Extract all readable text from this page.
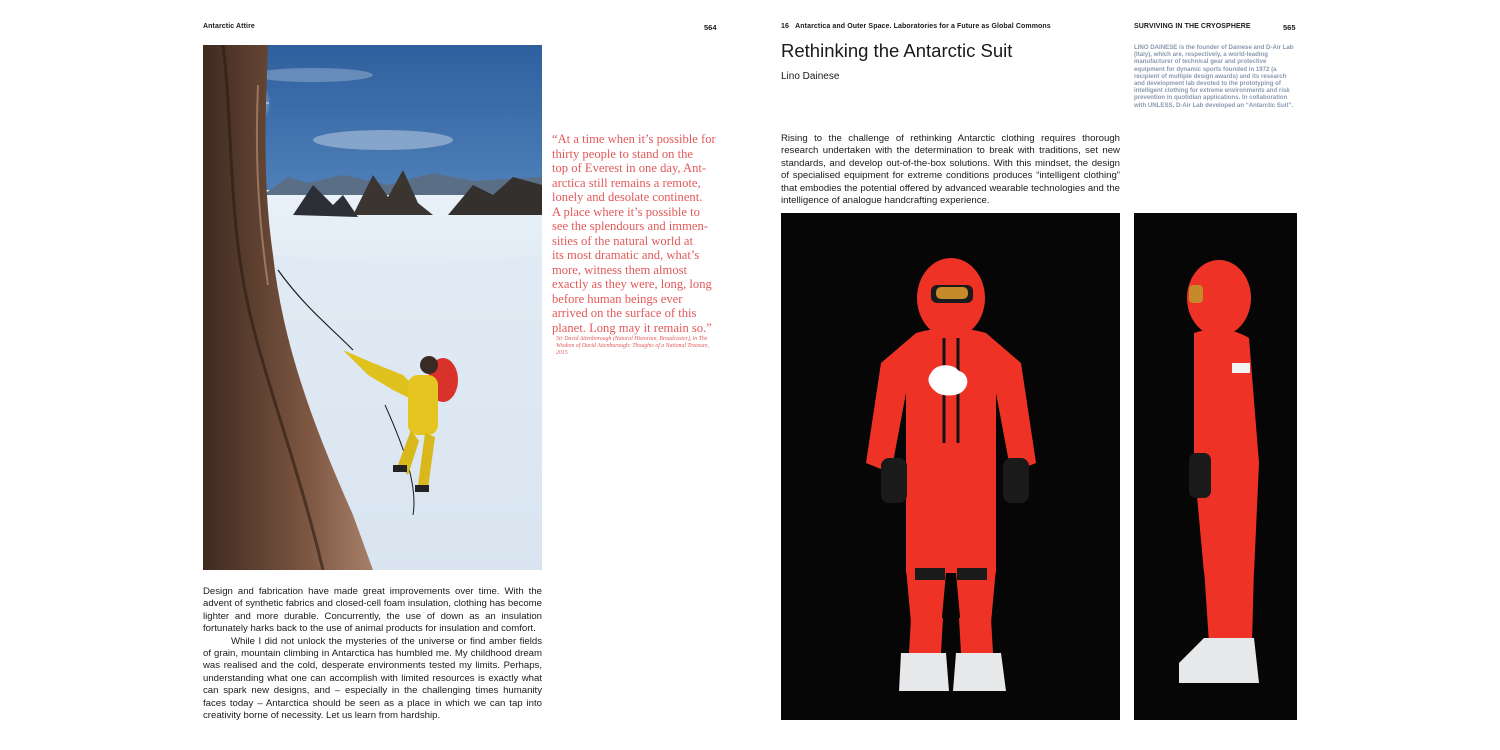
Antarctic Attire	564
“At a time when it’s possible for
thirty people to stand on the
top of Everest in one day, Ant-
arctica still remains a remote,
lonely and desolate continent.
A place where it’s possible to
see the splendours and immen-
sities of the natural world at
its most dramatic and, what’s
more, witness them almost
exactly as they were, long, long
before human beings ever
arrived on the surface of this
planet. Long may it remain so.”
Sir David Attenborough (Natural Historian, Broadcaster), in The Wisdom of David Attenborough: Thoughts of a National Treasure, 2015

Design and fabrication have made great improvements over time. With the advent of synthetic fabrics and closed-cell foam insulation, clothing has become lighter and more durable. Concurrently, the use of down as an insulation fortunately harks back to the use of animal products for insulation and comfort.

While I did not unlock the mysteries of the universe or find amber fields of grain, mountain climbing in Antarctica has humbled me. My childhood dream was realised and the cold, desperate environments tested my limits. Perhaps, understanding what one can accomplish with limited resources is exactly what can spark new designs, and – especially in the challenging times humanity faces today – Antarctica should be seen as a place in which we can tap into creativity borne of necessity. Let us learn from hardship.

16 Antarctica and Outer Space. Laboratories for a Future as Global Commons	SURVIVING IN THE CRYOSPHERE	565
Rethinking the Antarctic Suit
Lino Dainese
LINO DAINESE is the founder of Dainese and D-Air Lab (Italy), which are, respectively, a world-leading manufacturer of technical gear and protective equipment for dynamic sports founded in 1972 (a recipient of multiple design awards) and its research and development lab devoted to the prototyping of intelligent clothing for extreme environments and risk prevention in quotidian applications. In collaboration with UNLESS, D-Air Lab developed an “Antarctic Suit”.

Rising to the challenge of rethinking Antarctic clothing requires thorough research undertaken with the determination to break with traditions, set new standards, and develop out-of-the-box solutions. With this mindset, the design of specialised equipment for extreme conditions produces “intelligent clothing” that embodies the potential offered by advanced wearable technologies and the intelligence of analogue handcrafting experience.
